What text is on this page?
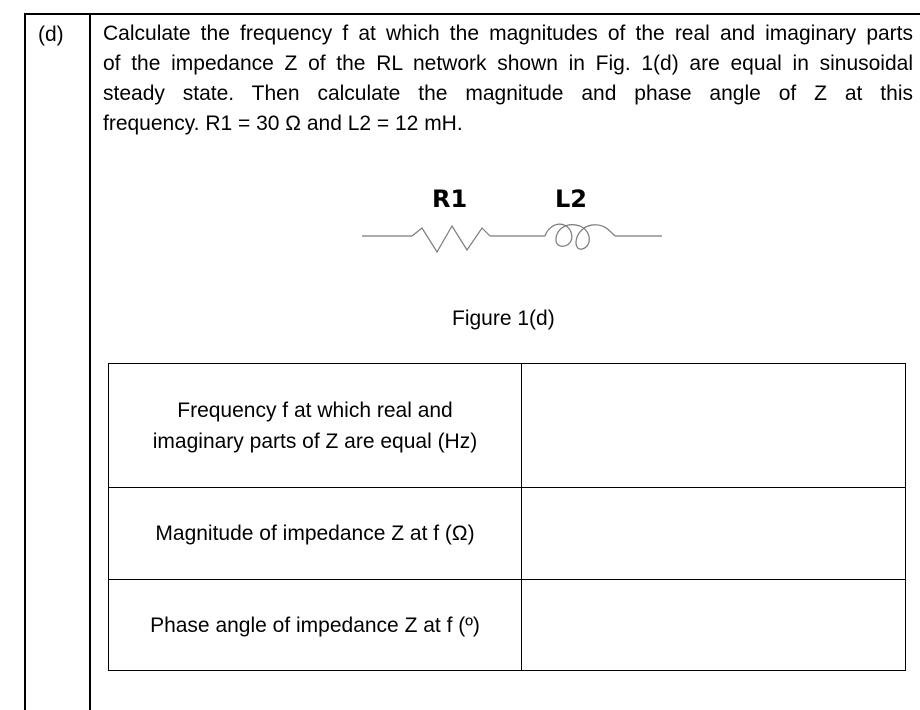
(d) Calculate the frequency f at which the magnitudes of the real and imaginary parts
of the impedance Z of the RL network shown in Fig. 1(d) are equal in sinusoidal
steady state. Then calculate the magnitude and phase angle of Z at this
frequency. R1 = 30 Ω and L2 = 12 mH.
R1	L2
Figure 1(d)
Frequency f at which real and
imaginary parts of Z are equal (Hz)	

Magnitude of impedance Z at f (Ω)	
Phase angle of impedance Z at f (º)	
